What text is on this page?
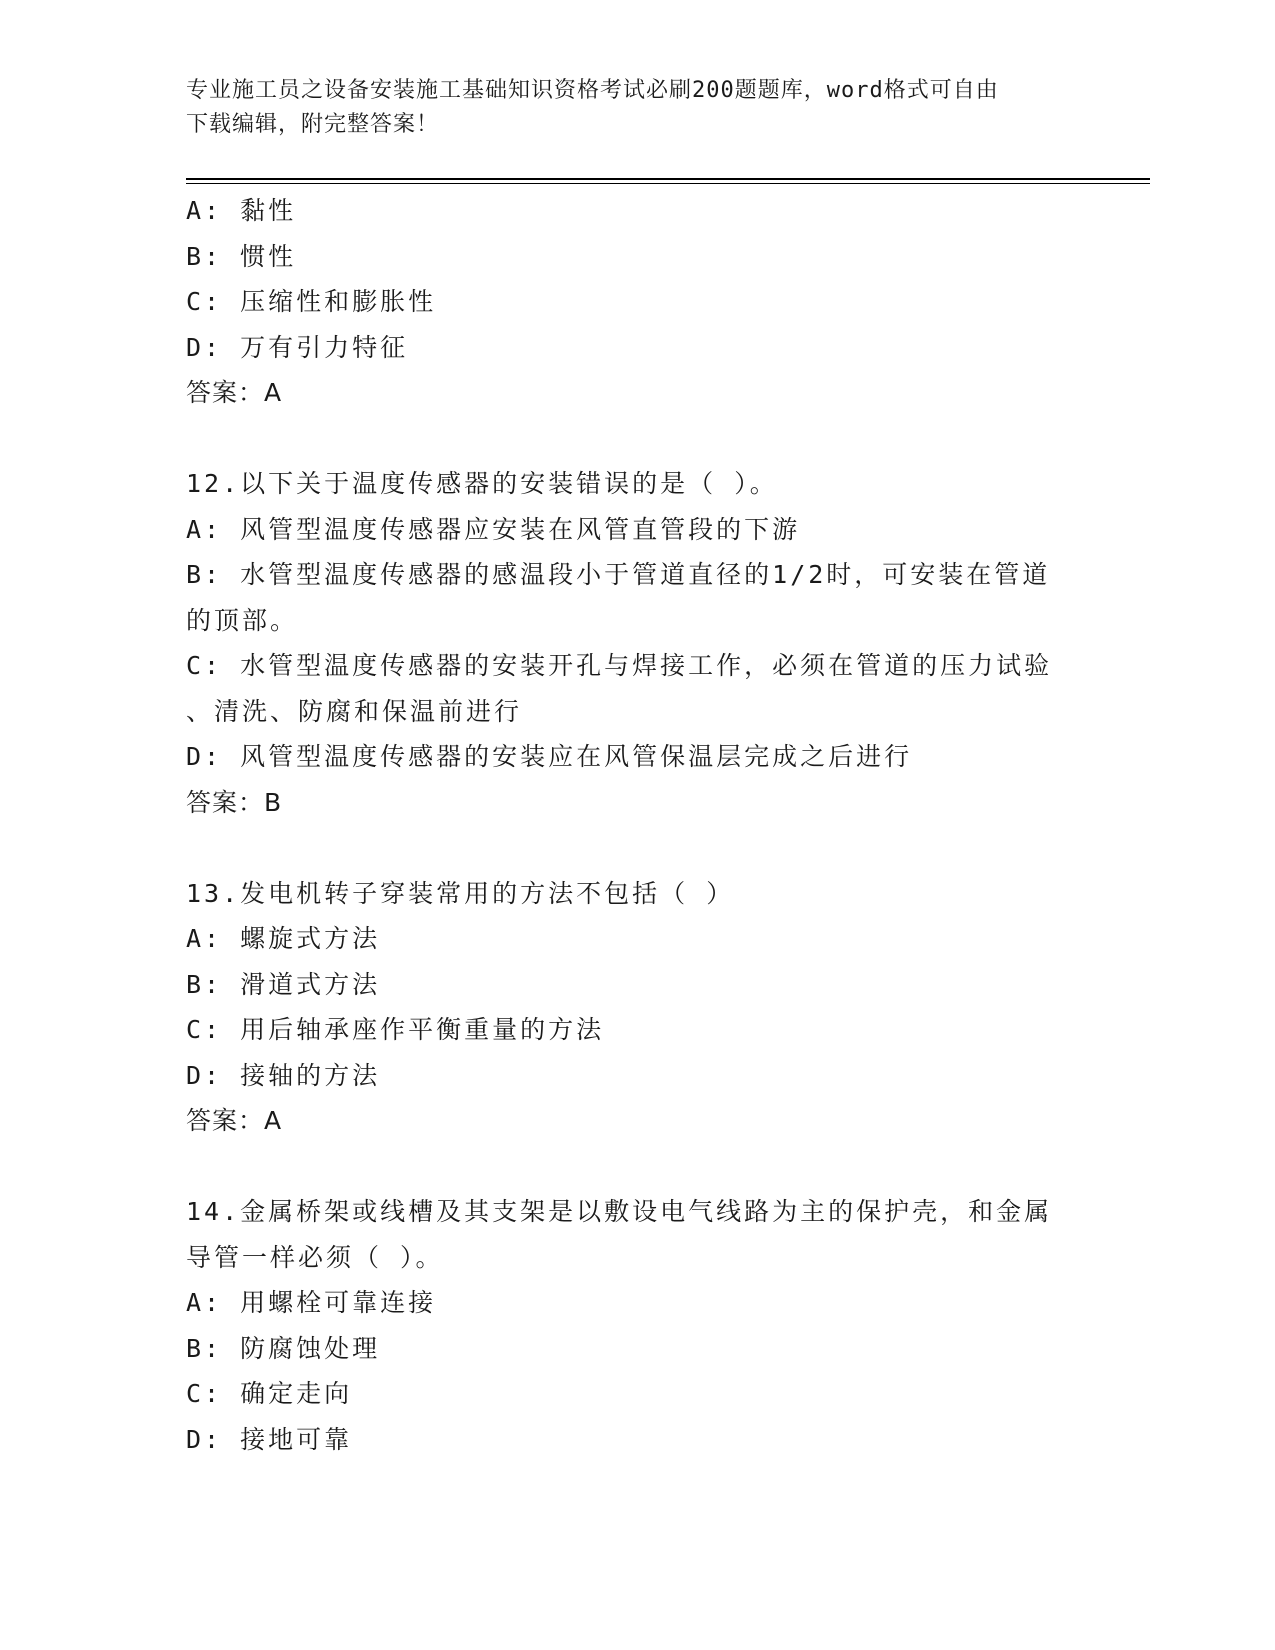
专业施工员之设备安装施工基础知识资格考试必刷200题题库，word格式可自由
下载编辑，附完整答案！
A: 黏性
B: 惯性
C: 压缩性和膨胀性
D: 万有引力特征
答案：A
12.以下关于温度传感器的安装错误的是（ ）。
A: 风管型温度传感器应安装在风管直管段的下游
B: 水管型温度传感器的感温段小于管道直径的1/2时，可安装在管道
的顶部。
C: 水管型温度传感器的安装开孔与焊接工作，必须在管道的压力试验
、清洗、防腐和保温前进行
D: 风管型温度传感器的安装应在风管保温层完成之后进行
答案：B
13.发电机转子穿装常用的方法不包括（ ）
A: 螺旋式方法
B: 滑道式方法
C: 用后轴承座作平衡重量的方法
D: 接轴的方法
答案：A
14.金属桥架或线槽及其支架是以敷设电气线路为主的保护壳，和金属
导管一样必须（ ）。
A: 用螺栓可靠连接
B: 防腐蚀处理
C: 确定走向
D: 接地可靠
